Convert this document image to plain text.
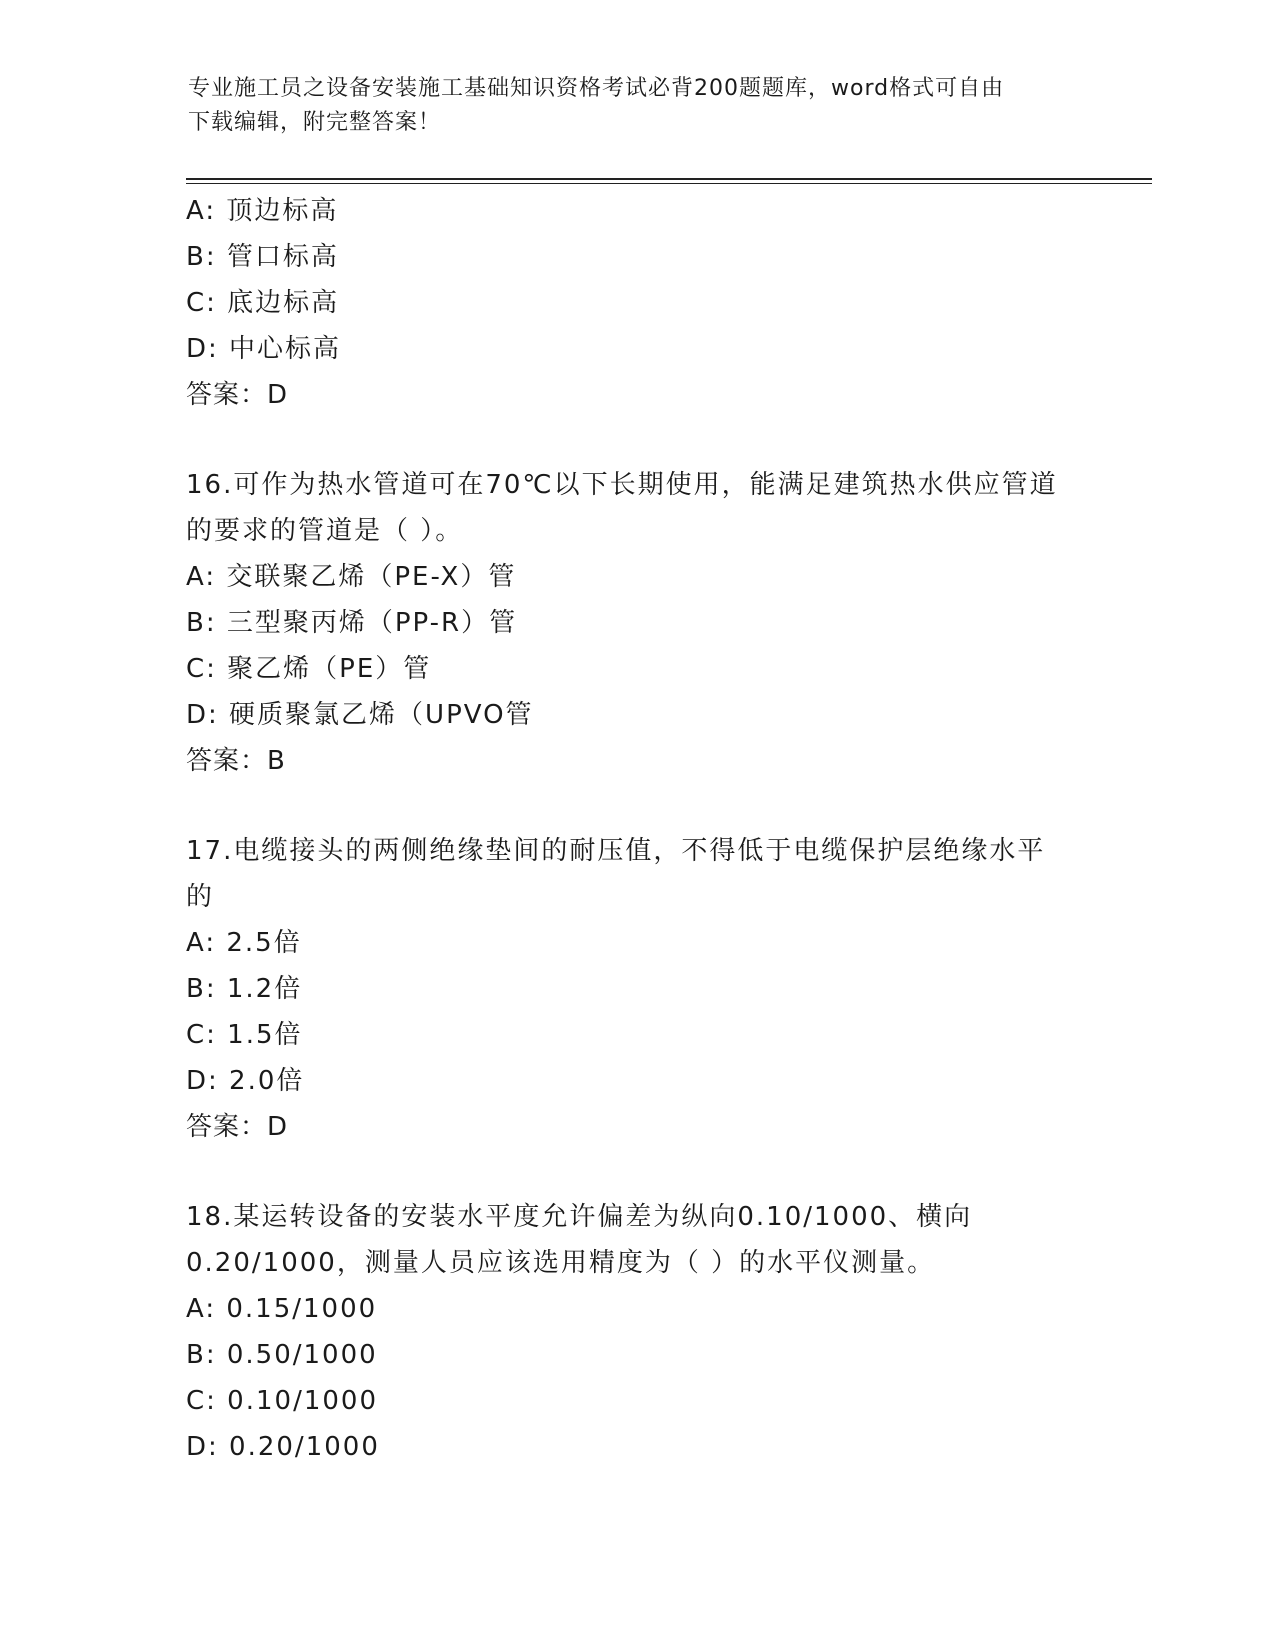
专业施工员之设备安装施工基础知识资格考试必背200题题库，word格式可自由
下载编辑，附完整答案！
A: 顶边标高
B: 管口标高
C: 底边标高
D: 中心标高
答案：D
16.可作为热水管道可在70℃以下长期使用，能满足建筑热水供应管道
的要求的管道是（ ）。
A: 交联聚乙烯（PE-X）管
B: 三型聚丙烯（PP-R）管
C: 聚乙烯（PE）管
D: 硬质聚氯乙烯（UPVO管
答案：B
17.电缆接头的两侧绝缘垫间的耐压值，不得低于电缆保护层绝缘水平
的
A: 2.5倍
B: 1.2倍
C: 1.5倍
D: 2.0倍
答案：D
18.某运转设备的安装水平度允许偏差为纵向0.10/1000、横向
0.20/1000，测量人员应该选用精度为（ ）的水平仪测量。
A: 0.15/1000
B: 0.50/1000
C: 0.10/1000
D: 0.20/1000
